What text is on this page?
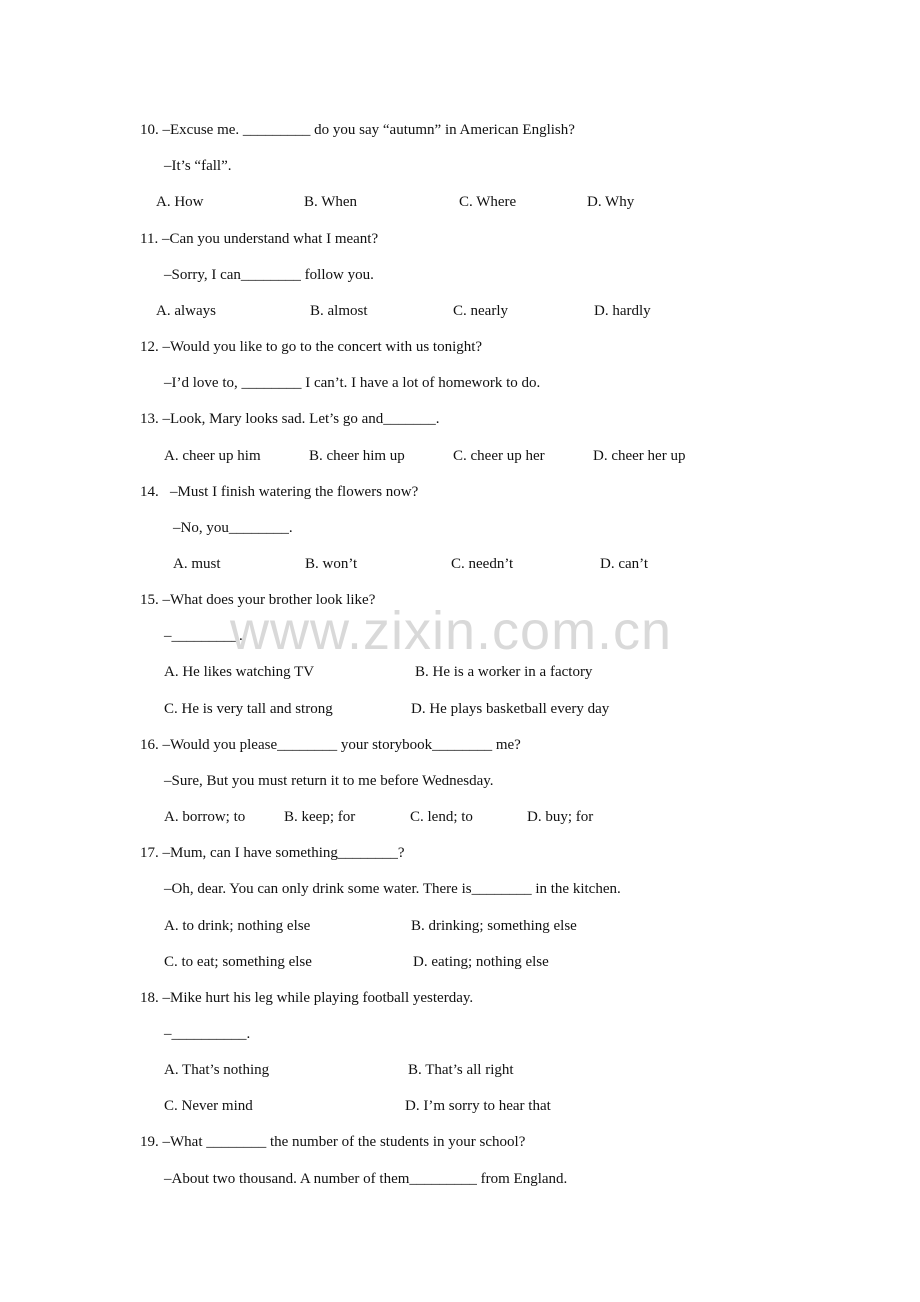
10. –Excuse me. _________ do you say “autumn” in American English?
–It’s “fall”.
A. How	B. When	C. Where	D. Why
11. –Can you understand what I meant?
–Sorry, I can________ follow you.
A. always	B. almost	C. nearly	D. hardly
12. –Would you like to go to the concert with us tonight?
–I’d love to, ________ I can’t. I have a lot of homework to do.
13. –Look, Mary looks sad. Let’s go and_______.
A. cheer up him	B. cheer him up	C. cheer up her	D. cheer her up
14.   –Must I finish watering the flowers now?
–No, you________.
A. must	B. won’t	C. needn’t	D. can’t
15. –What does your brother look like?
–_________.
A. He likes watching TV	B. He is a worker in a factory
C. He is very tall and strong	D. He plays basketball every day
16. –Would you please________ your storybook________ me?
–Sure, But you must return it to me before Wednesday.
A. borrow; to	B. keep; for	C. lend; to	D. buy; for
17. –Mum, can I have something________?
–Oh, dear. You can only drink some water. There is________ in the kitchen.
A. to drink; nothing else	B. drinking; something else
C. to eat; something else	D. eating; nothing else
18. –Mike hurt his leg while playing football yesterday.
–__________.
A. That’s nothing	B. That’s all right
C. Never mind	D. I’m sorry to hear that
19. –What ________ the number of the students in your school?
–About two thousand. A number of them_________ from England.
www.zixin.com.cn
